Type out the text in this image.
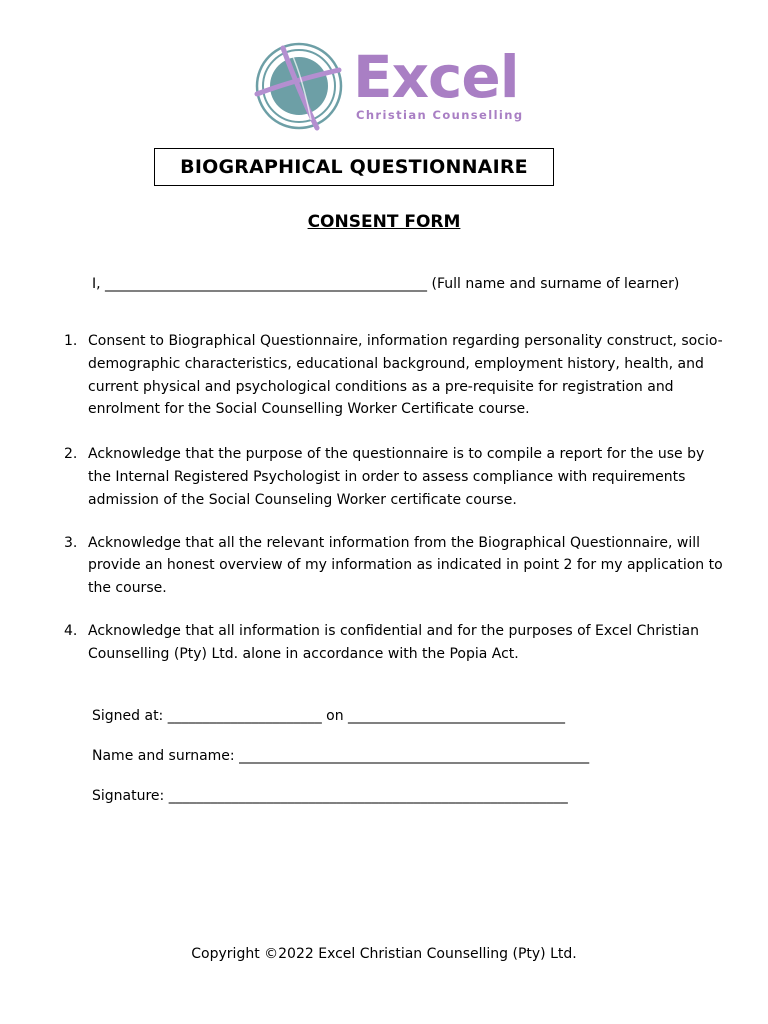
Excel
Christian Counselling
BIOGRAPHICAL QUESTIONNAIRE
CONSENT FORM
I, ______________________________________________ (Full name and surname of learner)
1. Consent to Biographical Questionnaire, information regarding personality construct, socio-demographic characteristics, educational background, employment history, health, and current physical and psychological conditions as a pre-requisite for registration and enrolment for the Social Counselling Worker Certificate course.
2. Acknowledge that the purpose of the questionnaire is to compile a report for the use by the Internal Registered Psychologist in order to assess compliance with requirements admission of the Social Counseling Worker certificate course.
3. Acknowledge that all the relevant information from the Biographical Questionnaire, will provide an honest overview of my information as indicated in point 2 for my application to the course.
4. Acknowledge that all information is confidential and for the purposes of Excel Christian Counselling (Pty) Ltd. alone in accordance with the Popia Act.
Signed at: ______________________ on _______________________________
Name and surname: __________________________________________________
Signature: _________________________________________________________
Copyright ©2022 Excel Christian Counselling (Pty) Ltd.
